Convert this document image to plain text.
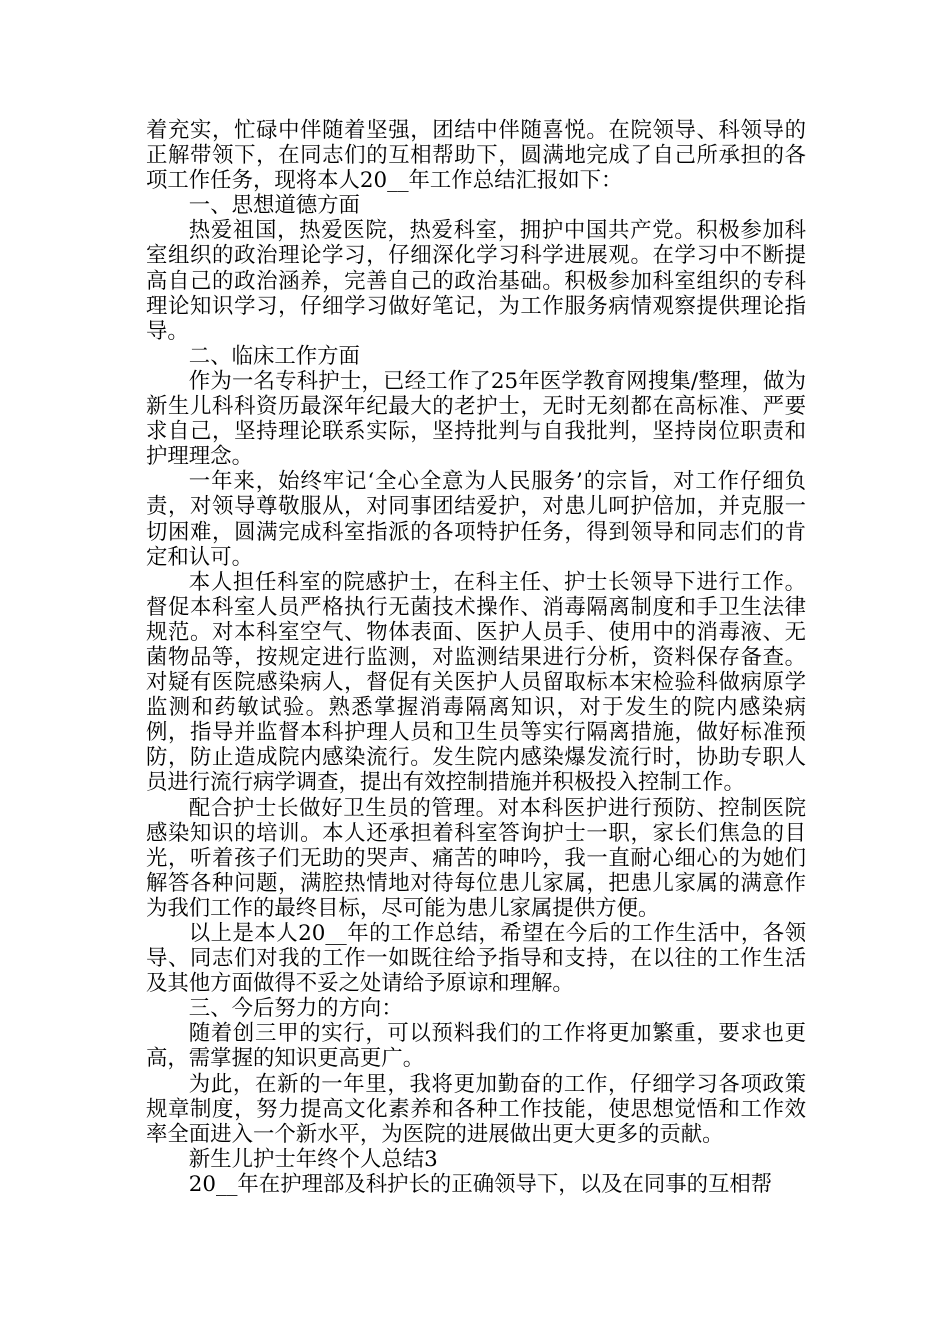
着充实，忙碌中伴随着坚强，团结中伴随喜悦。在院领导、科领导的正解带领下，在同志们的互相帮助下，圆满地完成了自己所承担的各项工作任务，现将本人20__年工作总结汇报如下：

一、思想道德方面

热爱祖国，热爱医院，热爱科室，拥护中国共产党。积极参加科室组织的政治理论学习，仔细深化学习科学进展观。在学习中不断提高自己的政治涵养，完善自己的政治基础。积极参加科室组织的专科理论知识学习，仔细学习做好笔记，为工作服务病情观察提供理论指导。

二、临床工作方面

作为一名专科护士，已经工作了25年医学教育网搜集/整理，做为新生儿科科资历最深年纪最大的老护士，无时无刻都在高标准、严要求自己，坚持理论联系实际，坚持批判与自我批判，坚持岗位职责和护理理念。

一年来，始终牢记‘全心全意为人民服务’的宗旨，对工作仔细负责，对领导尊敬服从，对同事团结爱护，对患儿呵护倍加，并克服一切困难，圆满完成科室指派的各项特护任务，得到领导和同志们的肯定和认可。

本人担任科室的院感护士，在科主任、护士长领导下进行工作。督促本科室人员严格执行无菌技术操作、消毒隔离制度和手卫生法律规范。对本科室空气、物体表面、医护人员手、使用中的消毒液、无菌物品等，按规定进行监测，对监测结果进行分析，资料保存备查。对疑有医院感染病人，督促有关医护人员留取标本宋检验科做病原学监测和药敏试验。熟悉掌握消毒隔离知识，对于发生的院内感染病例，指导并监督本科护理人员和卫生员等实行隔离措施，做好标准预防，防止造成院内感染流行。发生院内感染爆发流行时，协助专职人员进行流行病学调查，提出有效控制措施并积极投入控制工作。

配合护士长做好卫生员的管理。对本科医护进行预防、控制医院感染知识的培训。本人还承担着科室答询护士一职，家长们焦急的目光，听着孩子们无助的哭声、痛苦的呻吟，我一直耐心细心的为她们解答各种问题，满腔热情地对待每位患儿家属，把患儿家属的满意作为我们工作的最终目标，尽可能为患儿家属提供方便。

以上是本人20__年的工作总结，希望在今后的工作生活中，各领导、同志们对我的工作一如既往给予指导和支持，在以往的工作生活及其他方面做得不妥之处请给予原谅和理解。

三、今后努力的方向：

随着创三甲的实行，可以预料我们的工作将更加繁重，要求也更高，需掌握的知识更高更广。

为此，在新的一年里，我将更加勤奋的工作，仔细学习各项政策规章制度，努力提高文化素养和各种工作技能，使思想觉悟和工作效率全面进入一个新水平，为医院的进展做出更大更多的贡献。

新生儿护士年终个人总结3

20__年在护理部及科护长的正确领导下，以及在同事的互相帮
